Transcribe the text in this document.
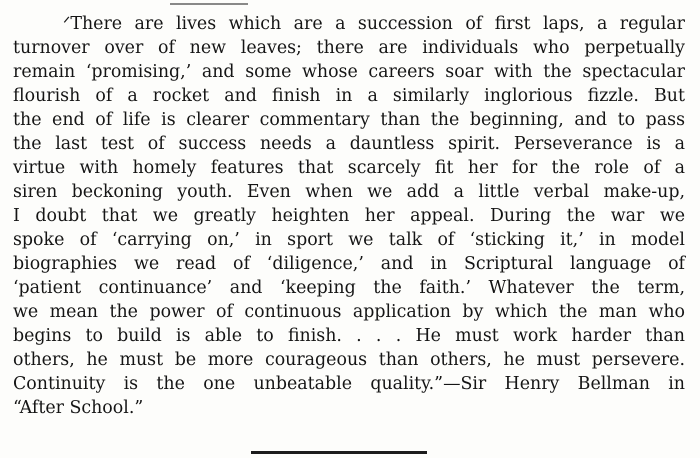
ᐟThere are lives which are a succession of first laps, a regular
turnover over of new leaves; there are individuals who perpetually
remain ‘promising,’ and some whose careers soar with the spectacular
flourish of a rocket and finish in a similarly inglorious fizzle. But
the end of life is clearer commentary than the beginning, and to pass
the last test of success needs a dauntless spirit. Perseverance is a
virtue with homely features that scarcely fit her for the role of a
siren beckoning youth. Even when we add a little verbal make-up,
I doubt that we greatly heighten her appeal. During the war we
spoke of ‘carrying on,’ in sport we talk of ‘sticking it,’ in model
biographies we read of ‘diligence,’ and in Scriptural language of
‘patient continuance’ and ‘keeping the faith.’ Whatever the term,
we mean the power of continuous application by which the man who
begins to build is able to finish. . . . He must work harder than
others, he must be more courageous than others, he must persevere.
Continuity is the one unbeatable quality.”—Sir Henry Bellman in
“After School.”
